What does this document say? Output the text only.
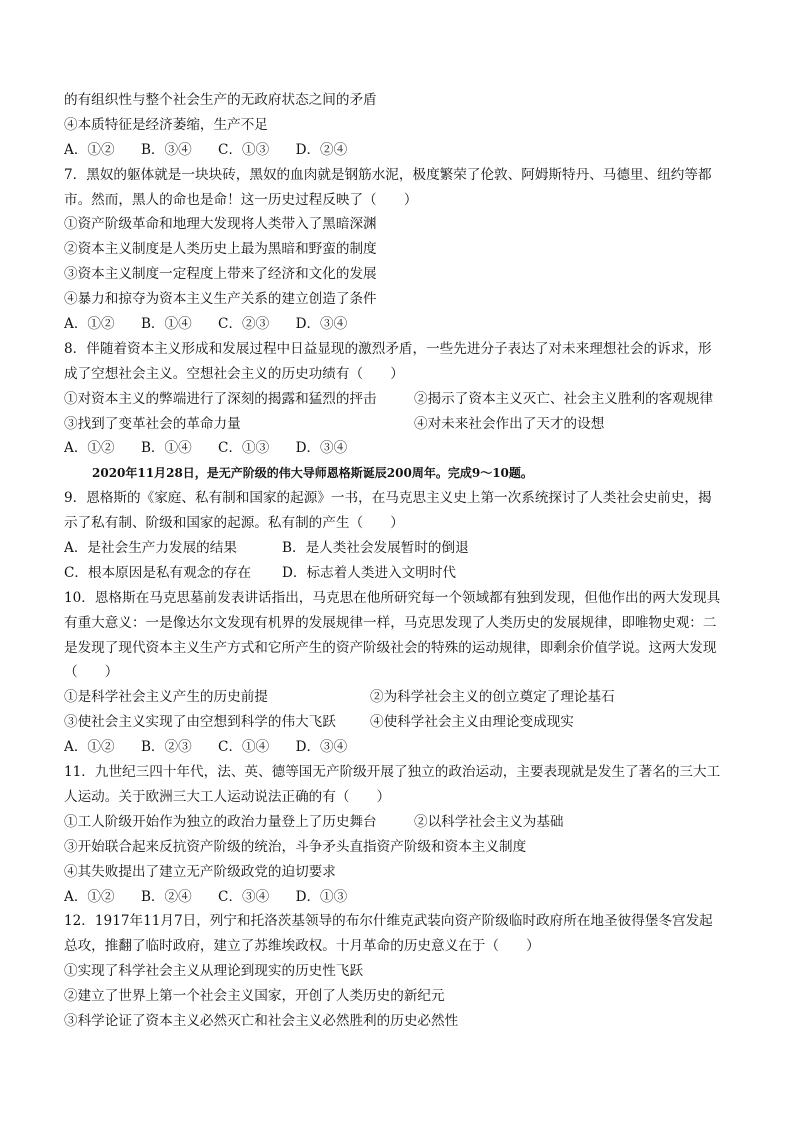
的有组织性与整个社会生产的无政府状态之间的矛盾
④本质特征是经济萎缩，生产不足
A．①② B．③④ C．①③ D．②④
7．黑奴的躯体就是一块块砖，黑奴的血肉就是钢筋水泥，极度繁荣了伦敦、阿姆斯特丹、马德里、纽约等都
市。然而，黑人的命也是命！这一历史过程反映了（　　）
①资产阶级革命和地理大发现将人类带入了黑暗深渊
②资本主义制度是人类历史上最为黑暗和野蛮的制度
③资本主义制度一定程度上带来了经济和文化的发展
④暴力和掠夺为资本主义生产关系的建立创造了条件
A．①② B．①④ C．②③ D．③④
8．伴随着资本主义形成和发展过程中日益显现的激烈矛盾，一些先进分子表达了对未来理想社会的诉求，形
成了空想社会主义。空想社会主义的历史功绩有（　　）
①对资本主义的弊端进行了深刻的揭露和猛烈的抨击	②揭示了资本主义灭亡、社会主义胜利的客观规律
③找到了变革社会的革命力量	④对未来社会作出了天才的设想
A．①② B．①④ C．①③ D．③④
2020年11月28日，是无产阶级的伟大导师恩格斯诞辰200周年。完成9～10题。
9．恩格斯的《家庭、私有制和国家的起源》一书，在马克思主义史上第一次系统探讨了人类社会史前史，揭
示了私有制、阶级和国家的起源。私有制的产生（　　）
A．是社会生产力发展的结果	B．是人类社会发展暂时的倒退
C．根本原因是私有观念的存在	D．标志着人类进入文明时代
10．恩格斯在马克思墓前发表讲话指出，马克思在他所研究每一个领域都有独到发现，但他作出的两大发现具
有重大意义：一是像达尔文发现有机界的发展规律一样，马克思发现了人类历史的发展规律，即唯物史观：二
是发现了现代资本主义生产方式和它所产生的资产阶级社会的特殊的运动规律，即剩余价值学说。这两大发现
（　　）
①是科学社会主义产生的历史前提	②为科学社会主义的创立奠定了理论基石
③使社会主义实现了由空想到科学的伟大飞跃	④使科学社会主义由理论变成现实
A．①② B．②③ C．①④ D．③④
11．九世纪三四十年代，法、英、德等国无产阶级开展了独立的政治运动，主要表现就是发生了著名的三大工
人运动。关于欧洲三大工人运动说法正确的有（　　）
①工人阶级开始作为独立的政治力量登上了历史舞台	②以科学社会主义为基础
③开始联合起来反抗资产阶级的统治，斗争矛头直指资产阶级和资本主义制度
④其失败提出了建立无产阶级政党的迫切要求
A．①② B．②④ C．③④ D．①③
12．1917年11月7日，列宁和托洛茨基领导的布尔什维克武装向资产阶级临时政府所在地圣彼得堡冬宫发起
总攻，推翻了临时政府，建立了苏维埃政权。十月革命的历史意义在于（　　）
①实现了科学社会主义从理论到现实的历史性飞跃
②建立了世界上第一个社会主义国家，开创了人类历史的新纪元
③科学论证了资本主义必然灭亡和社会主义必然胜利的历史必然性
